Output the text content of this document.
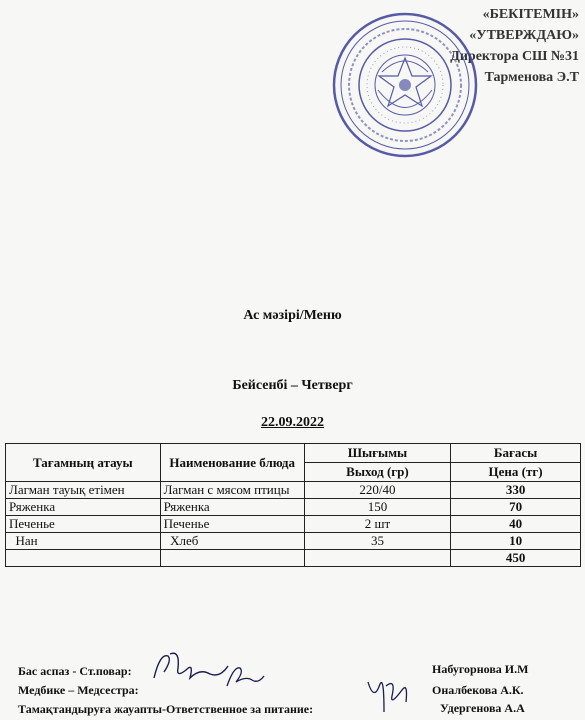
«БЕКІТЕМІН»
«УТВЕРЖДАЮ»
Директора СШ №31
Тарменова Э.Т
Ас мәзірі/Меню
Бейсенбі – Четверг
22.09.2022
Тағамның атауы	Наименование блюда	Шығымы	Бағасы
		Выход (гр)	Цена (тг)
Лагман тауық етімен	Лагман с мясом птицы	220/40	330
Ряженка	Ряженка	150	70
Печенье	Печенье	2 шт	40
Нан	Хлеб	35	10
			450
Бас аспаз - Ст.повар:
Медбике – Медсестра:
Тамақтандыруға жауапты-Ответственное за питание:
Набугорнова И.М
Оналбекова А.К.
Удергенова А.А
